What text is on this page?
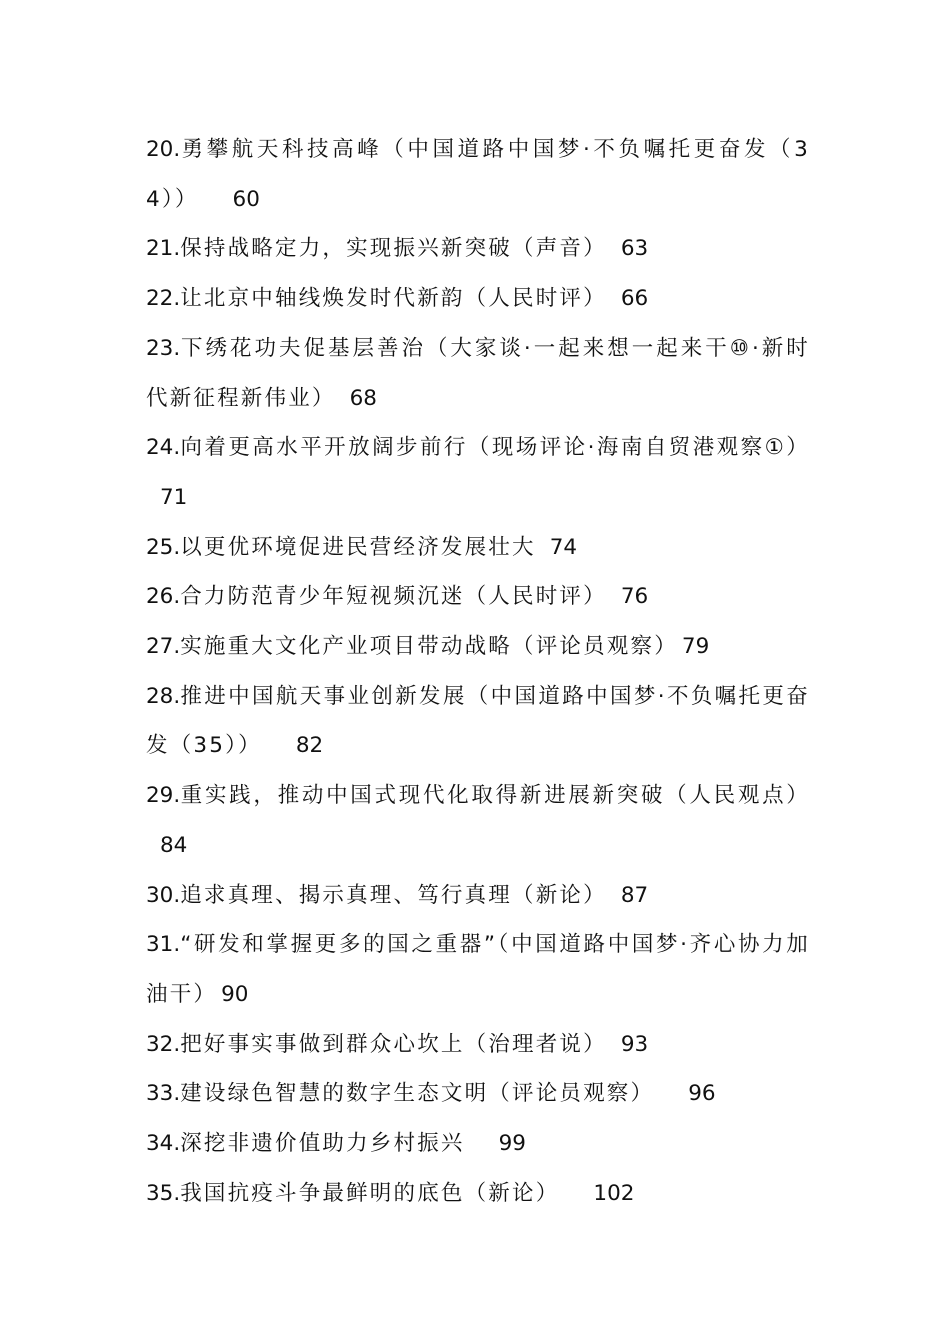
20.勇攀航天科技高峰（中国道路中国梦·不负嘱托更奋发（34）） 60

21.保持战略定力，实现振兴新突破（声音） 63

22.让北京中轴线焕发时代新韵（人民时评） 66

23.下绣花功夫促基层善治（大家谈·一起来想一起来干⑩·新时代新征程新伟业） 68

24.向着更高水平开放阔步前行（现场评论·海南自贸港观察①）71

25.以更优环境促进民营经济发展壮大 74

26.合力防范青少年短视频沉迷（人民时评） 76

27.实施重大文化产业项目带动战略（评论员观察） 79

28.推进中国航天事业创新发展（中国道路中国梦·不负嘱托更奋发（35）） 82

29.重实践，推动中国式现代化取得新进展新突破（人民观点）84

30.追求真理、揭示真理、笃行真理（新论） 87

31.“研发和掌握更多的国之重器”（中国道路中国梦·齐心协力加油干） 90

32.把好事实事做到群众心坎上（治理者说） 93

33.建设绿色智慧的数字生态文明（评论员观察） 96

34.深挖非遗价值助力乡村振兴 99

35.我国抗疫斗争最鲜明的底色（新论） 102
